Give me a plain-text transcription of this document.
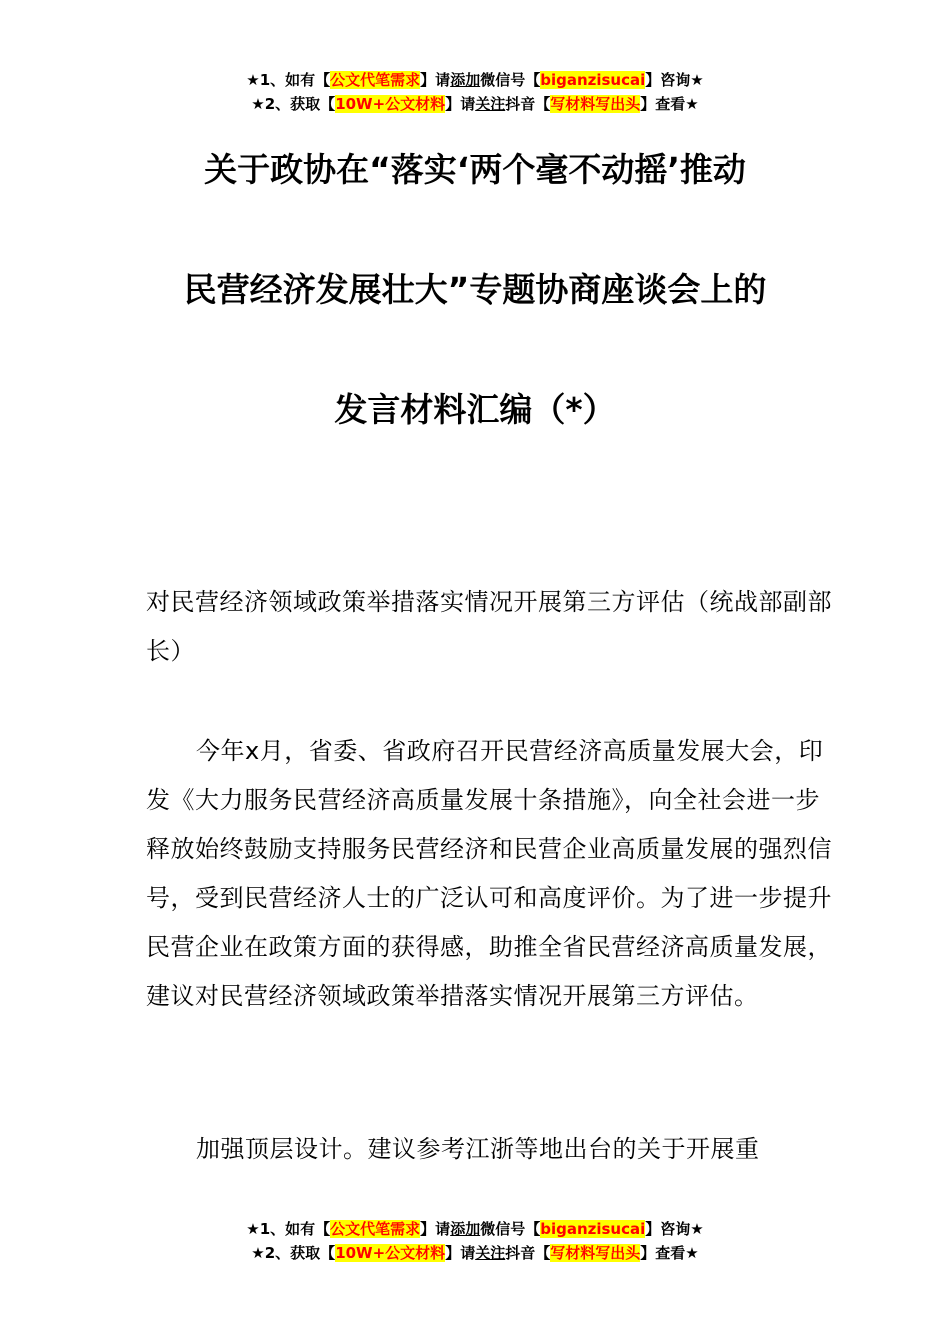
★1、如有【公文代笔需求】请添加微信号【biganzisucai】咨询★
★2、获取【10W+公文材料】请关注抖音【写材料写出头】查看★
关于政协在“落实‘两个毫不动摇’推动
民营经济发展壮大”专题协商座谈会上的
发言材料汇编（*）
对民营经济领域政策举措落实情况开展第三方评估（统战部副部长）
今年x月，省委、省政府召开民营经济高质量发展大会，印发《大力服务民营经济高质量发展十条措施》，向全社会进一步释放始终鼓励支持服务民营经济和民营企业高质量发展的强烈信号，受到民营经济人士的广泛认可和高度评价。为了进一步提升民营企业在政策方面的获得感，助推全省民营经济高质量发展，建议对民营经济领域政策举措落实情况开展第三方评估。
加强顶层设计。建议参考江浙等地出台的关于开展重
★1、如有【公文代笔需求】请添加微信号【biganzisucai】咨询★
★2、获取【10W+公文材料】请关注抖音【写材料写出头】查看★
